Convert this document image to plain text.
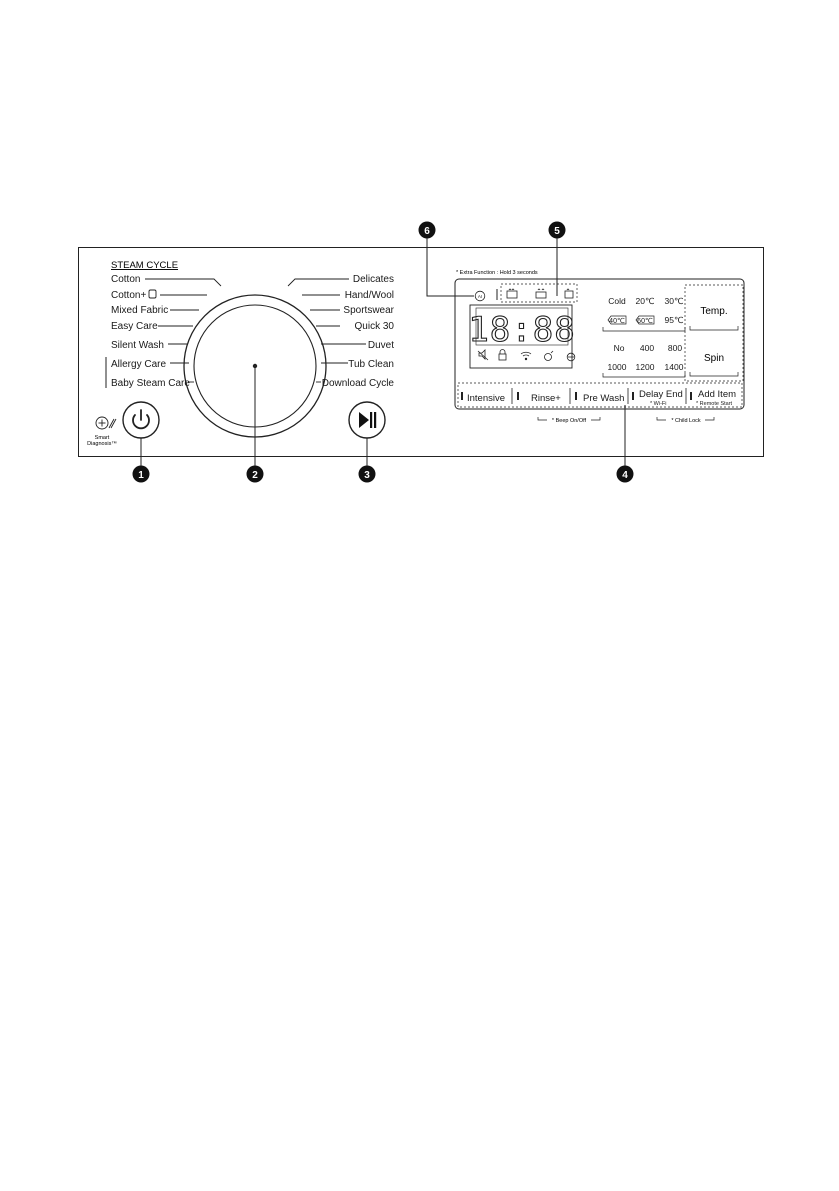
1	2	3	4
5
6
STEAM CYCLE
Cotton
Cotton+
Mixed Fabric
Easy Care
Silent Wash
Allergy Care
Baby Steam Care
Delicates
Hand/Wool
Sportswear
Quick 30
Duvet
Tub Clean
Download Cycle
Smart
Diagnosis™
* Extra Function : Hold 3 seconds
AI
18:88
Cold 20℃ 30℃
40℃ 60℃ 95℃
No 400 800
1000 1200 1400
Temp.
Spin
Intensive	Rinse+ Pre Wash Delay End
* Wi-Fi
Add Item
* Remote Start
* Beep On/Off	* Child Lock
